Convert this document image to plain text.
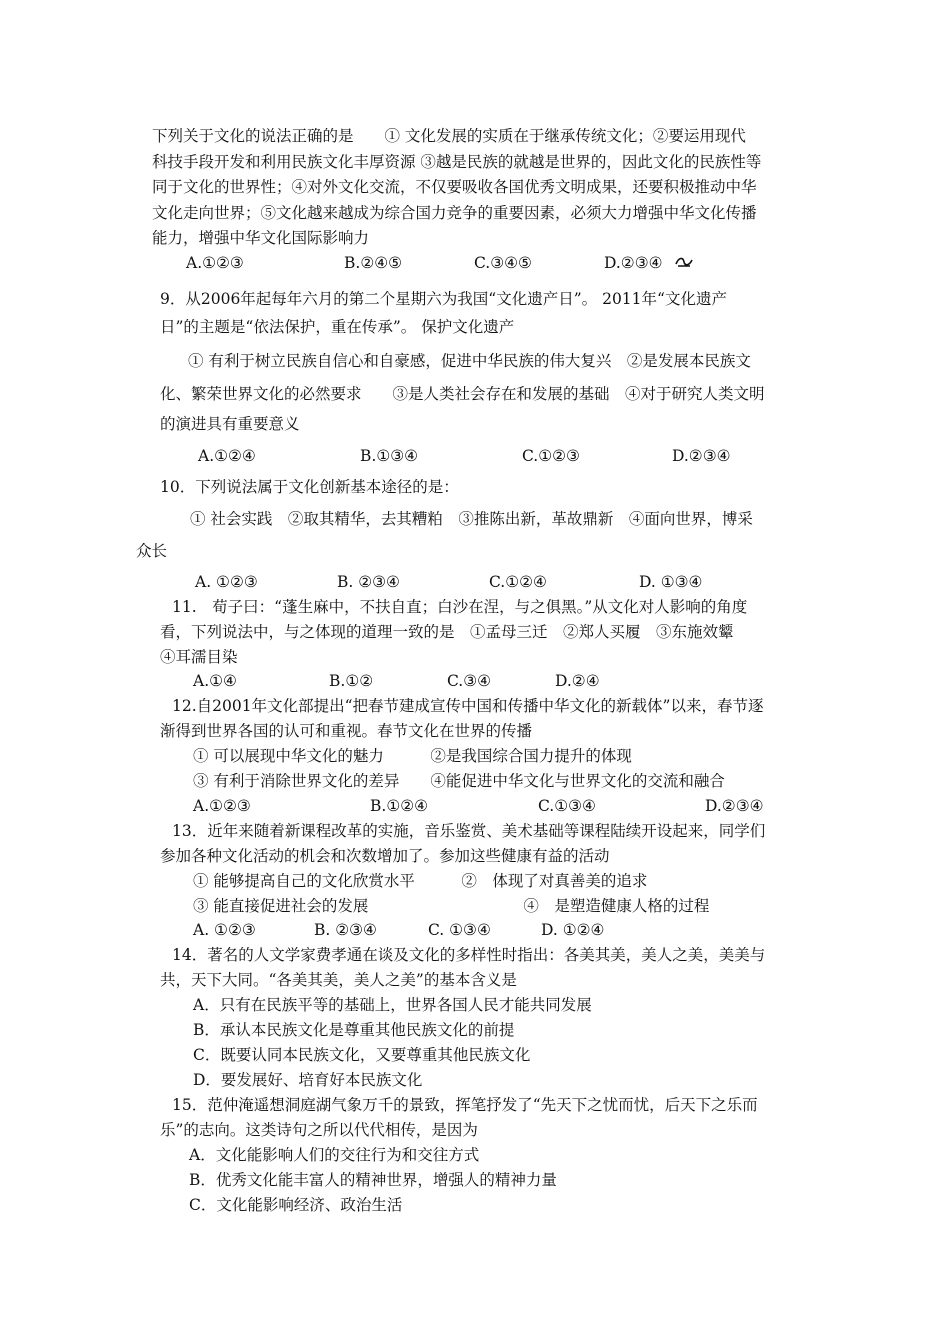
下列关于文化的说法正确的是　　① 文化发展的实质在于继承传统文化；②要运用现代
科技手段开发和利用民族文化丰厚资源 ③越是民族的就越是世界的，因此文化的民族性等
同于文化的世界性；④对外文化交流，不仅要吸收各国优秀文明成果，还要积极推动中华
文化走向世界；⑤文化越来越成为综合国力竞争的重要因素，必须大力增强中华文化传播
能力，增强中华文化国际影响力
A.①②③	B.②④⑤	C.③④⑤	D.②③④
9．从2006年起每年六月的第二个星期六为我国“文化遗产日”。 2011年“文化遗产
日”的主题是“依法保护，重在传承”。 保护文化遗产
① 有利于树立民族自信心和自豪感，促进中华民族的伟大复兴　②是发展本民族文
化、繁荣世界文化的必然要求　　③是人类社会存在和发展的基础　④对于研究人类文明
的演进具有重要意义
A.①②④	B.①③④	C.①②③	D.②③④
10．下列说法属于文化创新基本途径的是：
① 社会实践　②取其精华，去其糟粕　③推陈出新，革故鼎新　④面向世界，博采
众长
A. ①②③	B. ②③④	C.①②④	D. ①③④
11.　荀子曰：“蓬生麻中，不扶自直；白沙在涅，与之俱黑。”从文化对人影响的角度
看，下列说法中，与之体现的道理一致的是　①孟母三迁　②郑人买履　③东施效颦
④耳濡目染
A.①④	B.①②	C.③④	D.②④
12.自2001年文化部提出“把春节建成宣传中国和传播中华文化的新载体”以来，春节逐
渐得到世界各国的认可和重视。春节文化在世界的传播
① 可以展现中华文化的魅力　　　②是我国综合国力提升的体现
③ 有利于消除世界文化的差异　　④能促进中华文化与世界文化的交流和融合
A.①②③	B.①②④	C.①③④	D.②③④
13．近年来随着新课程改革的实施，音乐鉴赏、美术基础等课程陆续开设起来，同学们
参加各种文化活动的机会和次数增加了。参加这些健康有益的活动
① 能够提高自己的文化欣赏水平　　　②　体现了对真善美的追求
③ 能直接促进社会的发展　　　　　　　　　　④　是塑造健康人格的过程
A. ①②③	B. ②③④	C. ①③④	D. ①②④
14．著名的人文学家费孝通在谈及文化的多样性时指出：各美其美，美人之美，美美与
共，天下大同。“各美其美，美人之美”的基本含义是
A．只有在民族平等的基础上，世界各国人民才能共同发展
B．承认本民族文化是尊重其他民族文化的前提
C．既要认同本民族文化，又要尊重其他民族文化
D．要发展好、培育好本民族文化
15．范仲淹遥想洞庭湖气象万千的景致，挥笔抒发了“先天下之忧而忧，后天下之乐而
乐”的志向。这类诗句之所以代代相传，是因为
A．文化能影响人们的交往行为和交往方式
B．优秀文化能丰富人的精神世界，增强人的精神力量
C．文化能影响经济、政治生活
